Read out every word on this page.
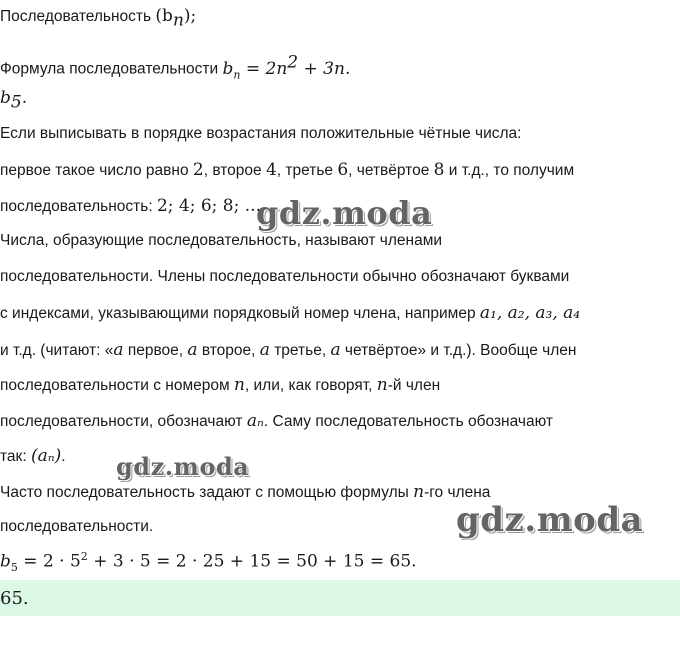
Последовательность $(b_n)$;
Формула последовательности $b_n = 2n^2 + 3n$.
$b_5$.
Если выписывать в порядке возрастания положительные чётные числа:
первое такое число равно 2, второе 4, третье 6, четвёртое 8 и т.д., то получим
последовательность: 2; 4; 6; 8; ...
Числа, образующие последовательность, называют членами
последовательности. Члены последовательности обычно обозначают буквами
с индексами, указывающими порядковый номер члена, например a₁, a₂, a₃, a₄
и т.д. (читают: «a первое, a второе, a третье, a четвёртое» и т.д.). Вообще член
последовательности с номером n, или, как говорят, n-й член
последовательности, обозначают aₙ. Саму последовательность обозначают
так: (aₙ).
Часто последовательность задают с помощью формулы n-го члена
последовательности.
$b_5 = 2 \cdot 5^2 + 3 \cdot 5 = 2 \cdot 25 + 15 = 50 + 15 = 65$.
65.
gdz.moda
gdz.moda
gdz.moda
